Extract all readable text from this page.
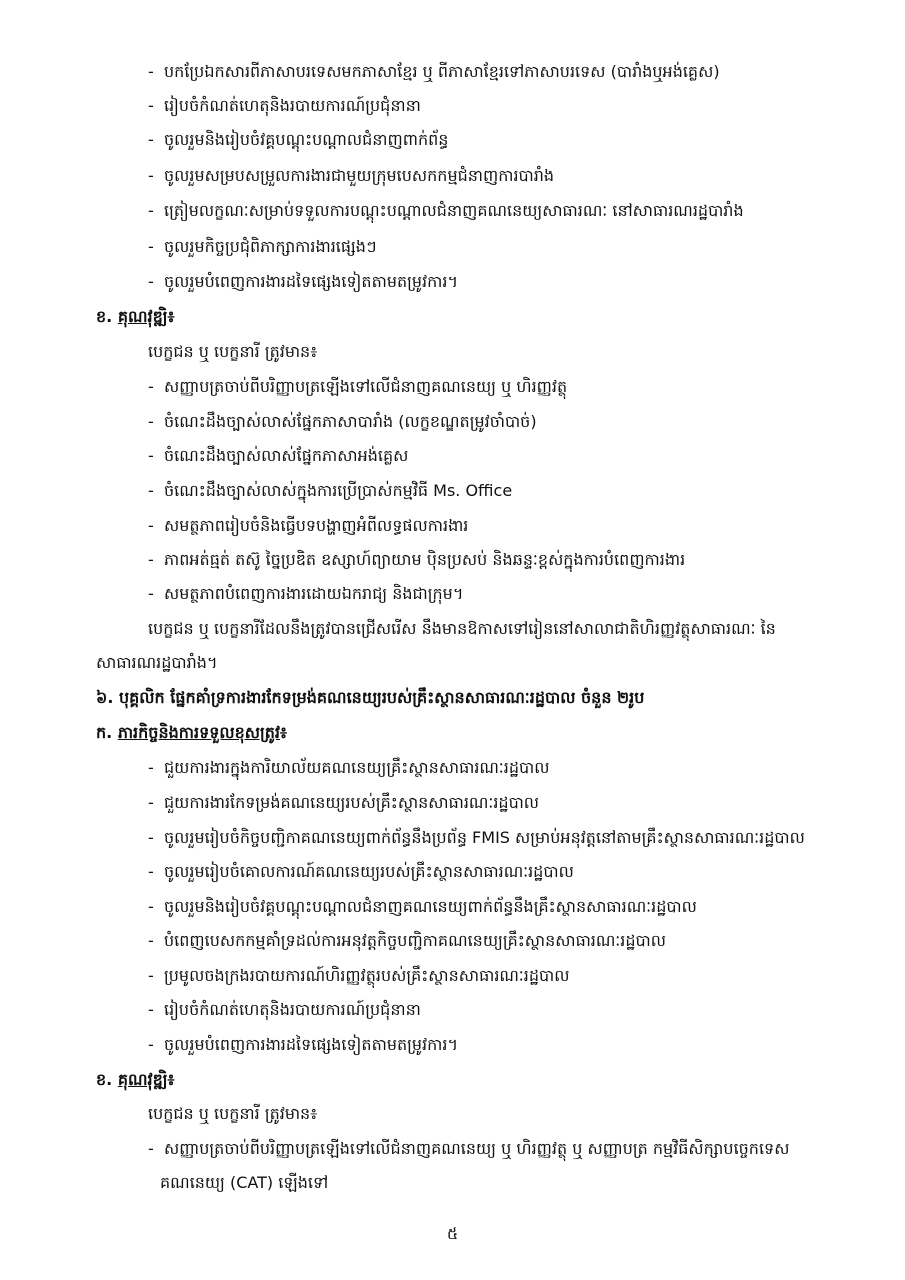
- បកប្រែឯកសារពីភាសាបរទេសមកភាសាខ្មែរ ឬ ពីភាសាខ្មែរទៅភាសាបរទេស (បារាំងឬអង់គ្លេស)
- រៀបចំកំណត់ហេតុនិងរបាយការណ៍ប្រជុំនានា
- ចូលរួមនិងរៀបចំវគ្គបណ្តុះបណ្តាលជំនាញពាក់ព័ន្ធ
- ចូលរួមសម្របសម្រួលការងារជាមួយក្រុមបេសកកម្មជំនាញការបារាំង
- ត្រៀមលក្ខណៈសម្រាប់ទទួលការបណ្តុះបណ្តាលជំនាញគណនេយ្យសាធារណៈ នៅសាធារណរដ្ឋបារាំង
- ចូលរួមកិច្ចប្រជុំពិភាក្សាការងារផ្សេងៗ
- ចូលរួមបំពេញការងារដទៃផ្សេងទៀតតាមតម្រូវការ។
ខ. គុណវុឌ្ឍិ៖
បេក្ខជន ឬ បេក្ខនារី ត្រូវមាន៖
- សញ្ញាបត្រចាប់ពីបរិញ្ញាបត្រឡើងទៅលើជំនាញគណនេយ្យ ឬ ហិរញ្ញវត្ថុ
- ចំណេះដឹងច្បាស់លាស់ផ្នែកភាសាបារាំង (លក្ខខណ្ឌតម្រូវចាំបាច់)
- ចំណេះដឹងច្បាស់លាស់ផ្នែកភាសាអង់គ្លេស
- ចំណេះដឹងច្បាស់លាស់ក្នុងការប្រើប្រាស់កម្មវិធី Ms. Office
- សមត្ថភាពរៀបចំនិងធ្វើបទបង្ហាញអំពីលទ្ធផលការងារ
- ភាពអត់ធ្មត់ តស៊ូ ច្នៃប្រឌិត ឧស្សាហ៍ព្យាយាម ប៉ិនប្រសប់ និងឆន្ទៈខ្ពស់ក្នុងការបំពេញការងារ
- សមត្ថភាពបំពេញការងារដោយឯករាជ្យ និងជាក្រុម។
បេក្ខជន ឬ បេក្ខនារីដែលនឹងត្រូវបានជ្រើសរើស នឹងមានឱកាសទៅរៀននៅសាលាជាតិហិរញ្ញវត្ថុសាធារណៈ នៃ
សាធារណរដ្ឋបារាំង។
៦. បុគ្គលិក ផ្នែកគាំទ្រការងារកែទម្រង់គណនេយ្យរបស់គ្រឹះស្ថានសាធារណៈរដ្ឋបាល ចំនួន ២រូប
ក. ភារកិច្ចនិងការទទួលខុសត្រូវ៖
- ជួយការងារក្នុងការិយាល័យគណនេយ្យគ្រឹះស្ថានសាធារណៈរដ្ឋបាល
- ជួយការងារកែទម្រង់គណនេយ្យរបស់គ្រឹះស្ថានសាធារណៈរដ្ឋបាល
- ចូលរួមរៀបចំកិច្ចបញ្ជិកាគណនេយ្យពាក់ព័ន្ធនឹងប្រព័ន្ធ FMIS សម្រាប់អនុវត្តនៅតាមគ្រឹះស្ថានសាធារណៈរដ្ឋបាល
- ចូលរួមរៀបចំគោលការណ៍គណនេយ្យរបស់គ្រឹះស្ថានសាធារណៈរដ្ឋបាល
- ចូលរួមនិងរៀបចំវគ្គបណ្តុះបណ្តាលជំនាញគណនេយ្យពាក់ព័ន្ធនឹងគ្រឹះស្ថានសាធារណៈរដ្ឋបាល
- បំពេញបេសកកម្មគាំទ្រដល់ការអនុវត្តកិច្ចបញ្ជិកាគណនេយ្យគ្រឹះស្ថានសាធារណៈរដ្ឋបាល
- ប្រមូលចងក្រងរបាយការណ៍ហិរញ្ញវត្ថុរបស់គ្រឹះស្ថានសាធារណៈរដ្ឋបាល
- រៀបចំកំណត់ហេតុនិងរបាយការណ៍ប្រជុំនានា
- ចូលរួមបំពេញការងារដទៃផ្សេងទៀតតាមតម្រូវការ។
ខ. គុណវុឌ្ឍិ៖
បេក្ខជន ឬ បេក្ខនារី ត្រូវមាន៖
- សញ្ញាបត្រចាប់ពីបរិញ្ញាបត្រឡើងទៅលើជំនាញគណនេយ្យ ឬ ហិរញ្ញវត្ថុ ឬ សញ្ញាបត្រ កម្មវិធីសិក្សាបច្ចេកទេស
គណនេយ្យ (CAT) ឡើងទៅ
៥
